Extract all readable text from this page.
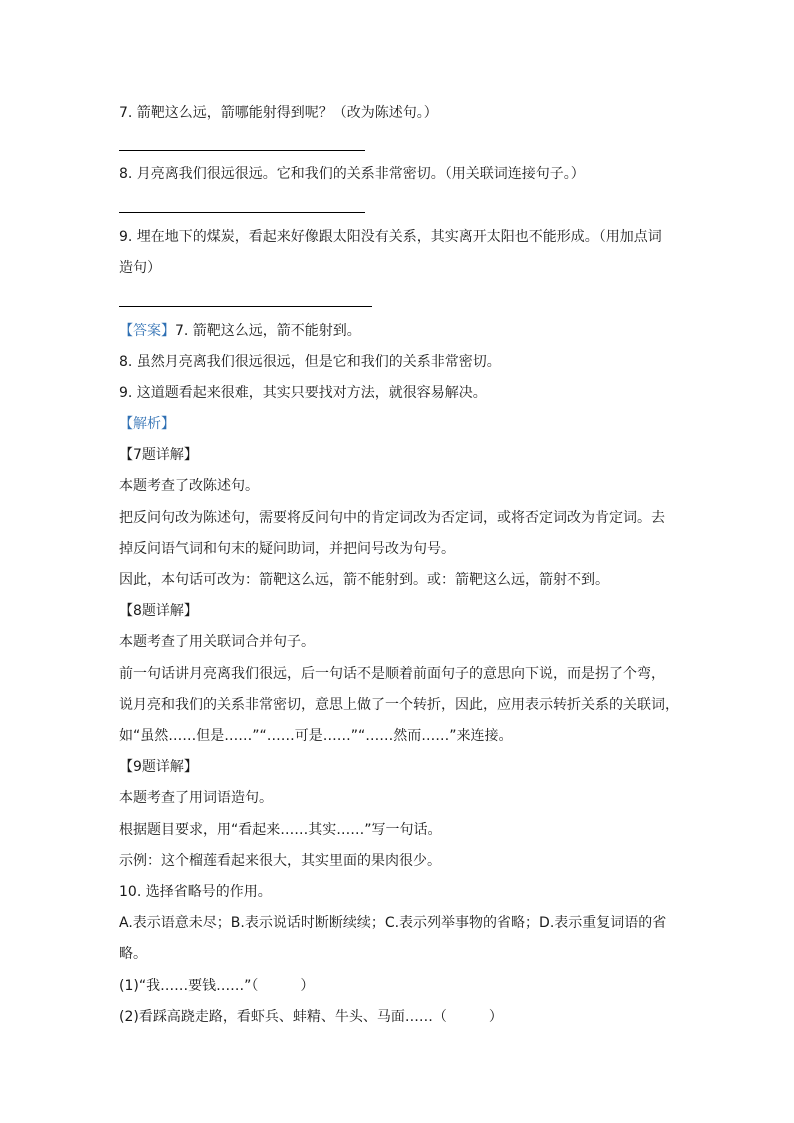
7. 箭靶这么远，箭哪能射得到呢？（改为陈述句。）

8. 月亮离我们很远很远。它和我们的关系非常密切。（用关联词连接句子。）

9. 埋在地下的煤炭，看起来好像跟太阳没有关系，其实离开太阳也不能形成。（用加点词

造句）

【答案】7. 箭靶这么远，箭不能射到。

8. 虽然月亮离我们很远很远，但是它和我们的关系非常密切。

9. 这道题看起来很难，其实只要找对方法，就很容易解决。

【解析】

【7题详解】

本题考查了改陈述句。

把反问句改为陈述句，需要将反问句中的肯定词改为否定词，或将否定词改为肯定词。去

掉反问语气词和句末的疑问助词，并把问号改为句号。

因此，本句话可改为：箭靶这么远，箭不能射到。或：箭靶这么远，箭射不到。

【8题详解】

本题考查了用关联词合并句子。

前一句话讲月亮离我们很远，后一句话不是顺着前面句子的意思向下说，而是拐了个弯，

说月亮和我们的关系非常密切，意思上做了一个转折，因此，应用表示转折关系的关联词，

如“虽然……但是……”“……可是……”“……然而……”来连接。

【9题详解】

本题考查了用词语造句。

根据题目要求，用“看起来……其实……”写一句话。

示例：这个榴莲看起来很大，其实里面的果肉很少。

10. 选择省略号的作用。

A.表示语意未尽；B.表示说话时断断续续；C.表示列举事物的省略；D.表示重复词语的省

略。

(1)“我……要钱……”（　　　）

(2)看踩高跷走路，看虾兵、蚌精、牛头、马面……（　　　）
